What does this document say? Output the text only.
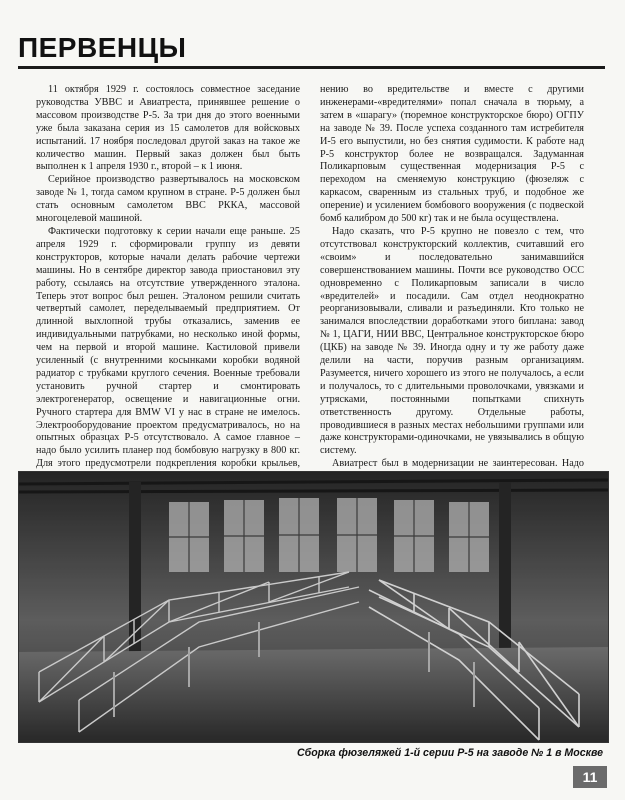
ПЕРВЕНЦЫ

11 октября 1929 г. состоялось совместное заседание руководства УВВС и Авиатреста, принявшее решение о массовом производстве Р-5. За три дня до этого военными уже была заказана серия из 15 самолетов для войсковых испытаний. 17 ноября последовал другой заказ на такое же количество машин. Первый заказ должен был быть выполнен к 1 апреля 1930 г., второй – к 1 июня.

Серийное производство развертывалось на московском заводе № 1, тогда самом крупном в стране. Р-5 должен был стать основным самолетом ВВС РККА, массовой многоцелевой машиной.

Фактически подготовку к серии начали еще раньше. 25 апреля 1929 г. сформировали группу из девяти конструкторов, которые начали делать рабочие чертежи машины. Но в сентябре директор завода приостановил эту работу, ссылаясь на отсутствие утвержденного эталона. Теперь этот вопрос был решен. Эталоном решили считать четвертый самолет, переделываемый предприятием. От длинной выхлопной трубы отказались, заменив ее индивидуальными патрубками, но несколько иной формы, чем на первой и второй машине. Кастиловой привели усиленный (с внутренними косынками коробки водяной радиатор с трубками круглого сечения. Военные требовали установить ручной стартер и смонтировать электрогенератор, освещение и навигационные огни. Ручного стартера для BMW VI у нас в стране не имелось. Электрооборудование проектом предусматривалось, но на опытных образцах Р-5 отсутствовало. А самое главное – надо было усилить планер под бомбовую нагрузку в 800 кг. Для этого предусмотрели подкрепления коробки крыльев,

нению во вредительстве и вместе с другими инженерами-«вредителями» попал сначала в тюрьму, а затем в «шарагу» (тюремное конструкторское бюро) ОГПУ на заводе № 39. После успеха созданного там истребителя И-5 его выпустили, но без снятия судимости. К работе над Р-5 конструктор более не возвращался. Задуманная Поликарповым существенная модернизация Р-5 с переходом на сменяемую конструкцию (фюзеляж с каркасом, сваренным из стальных труб, и подобное же оперение) и усилением бомбового вооружения (с подвеской бомб калибром до 500 кг) так и не была осуществлена.

Надо сказать, что Р-5 крупно не повезло с тем, что отсутствовал конструкторский коллектив, считавший его «своим» и последовательно занимавшийся совершенствованием машины. Почти все руководство ОСС одновременно с Поликарповым записали в число «вредителей» и посадили. Сам отдел неоднократно реорганизовывали, сливали и разъединяли. Кто только не занимался впоследствии доработками этого биплана: завод № 1, ЦАГИ, НИИ ВВС, Центральное конструкторское бюро (ЦКБ) на заводе № 39. Иногда одну и ту же работу даже делили на части, поручив разным организациям. Разумеется, ничего хорошего из этого не получалось, а если и получалось, то с длительными проволочками, увязками и утрясками, постоянными попытками спихнуть ответственность другому. Отдельные работы, проводившиеся в разных местах небольшими группами или даже конструкторами-одиночками, не увязывались в общую систему.

Авиатрест был в модернизации не заинтересован. Надо

Сборка фюзеляжей 1-й серии Р-5 на заводе № 1 в Москве
11
